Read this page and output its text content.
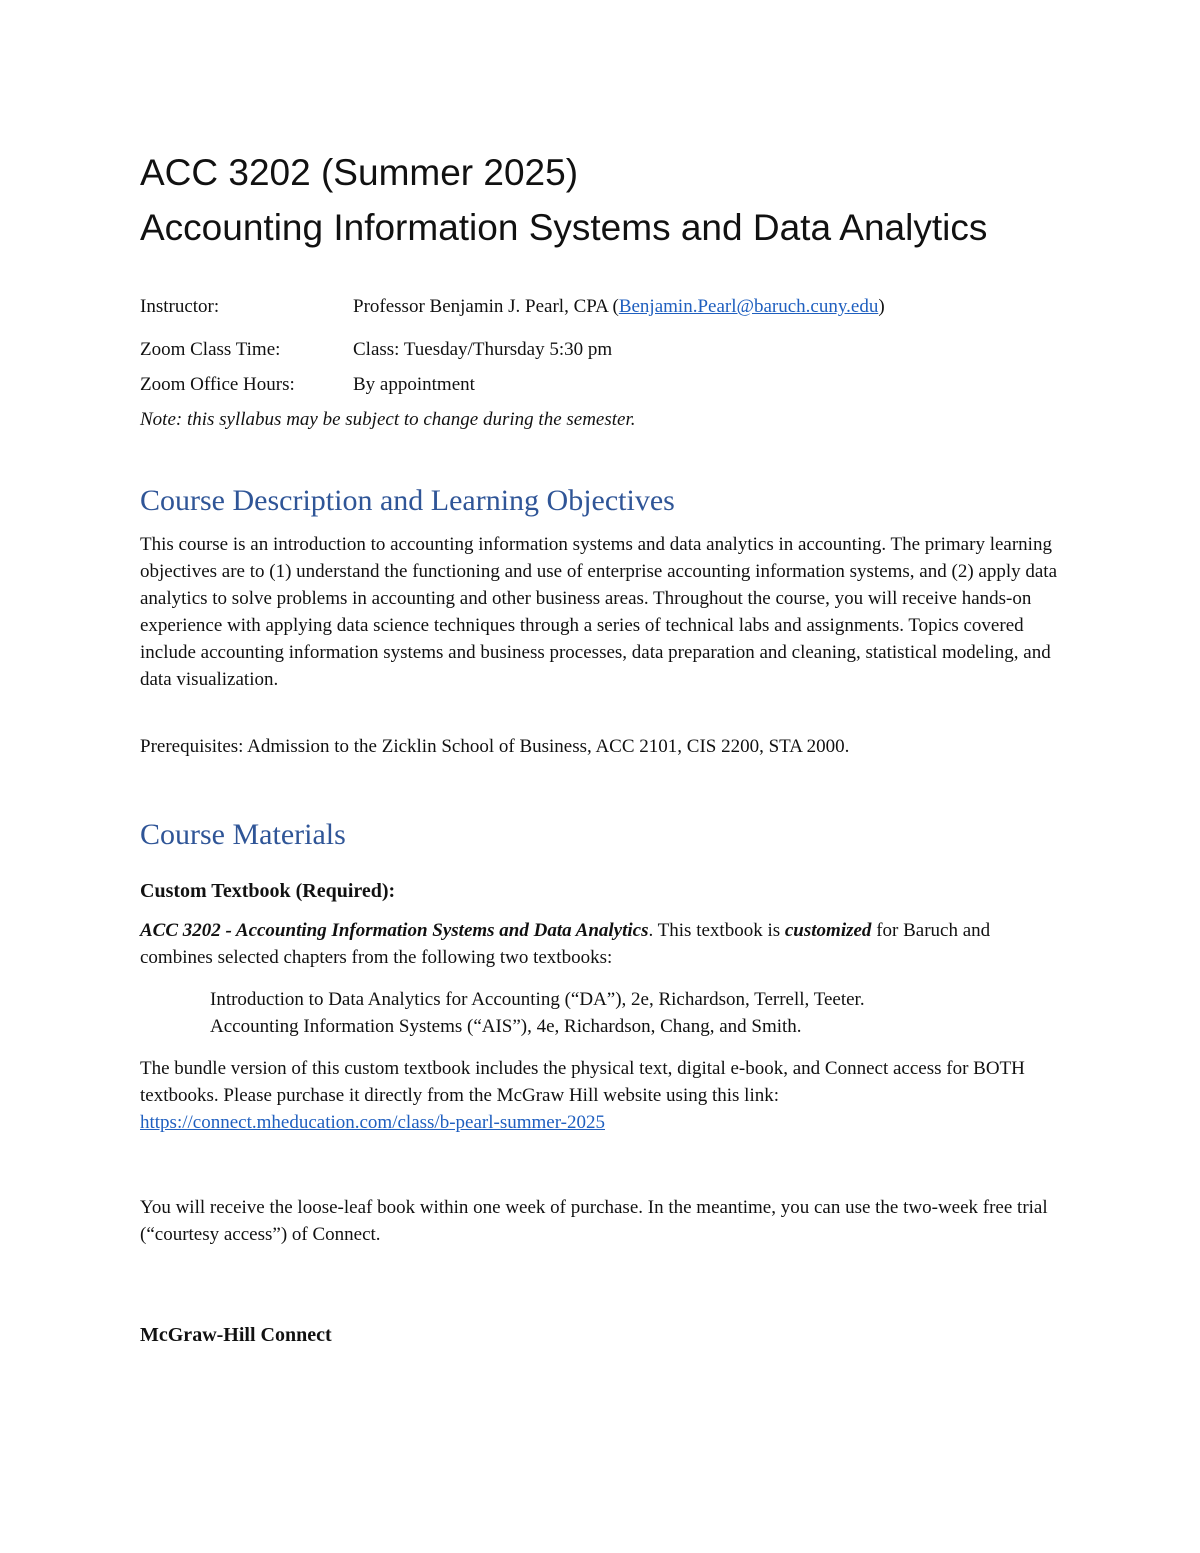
ACC 3202 (Summer 2025)
Accounting Information Systems and Data Analytics
Instructor:	Professor Benjamin J. Pearl, CPA (Benjamin.Pearl@baruch.cuny.edu)
Zoom Class Time:	Class: Tuesday/Thursday 5:30 pm
Zoom Office Hours:	By appointment
Note: this syllabus may be subject to change during the semester.
Course Description and Learning Objectives

This course is an introduction to accounting information systems and data analytics in accounting. The primary learning objectives are to (1) understand the functioning and use of enterprise accounting information systems, and (2) apply data analytics to solve problems in accounting and other business areas. Throughout the course, you will receive hands-on experience with applying data science techniques through a series of technical labs and assignments. Topics covered include accounting information systems and business processes, data preparation and cleaning, statistical modeling, and data visualization.

Prerequisites: Admission to the Zicklin School of Business, ACC 2101, CIS 2200, STA 2000.

Course Materials
Custom Textbook (Required):

ACC 3202 - Accounting Information Systems and Data Analytics. This textbook is customized for Baruch and combines selected chapters from the following two textbooks:

Introduction to Data Analytics for Accounting (“DA”), 2e, Richardson, Terrell, Teeter.
Accounting Information Systems (“AIS”), 4e, Richardson, Chang, and Smith.

The bundle version of this custom textbook includes the physical text, digital e-book, and Connect access for BOTH textbooks. Please purchase it directly from the McGraw Hill website using this link:
https://connect.mheducation.com/class/b-pearl-summer-2025

You will receive the loose-leaf book within one week of purchase. In the meantime, you can use the two-week free trial (“courtesy access”) of Connect.

McGraw-Hill Connect
